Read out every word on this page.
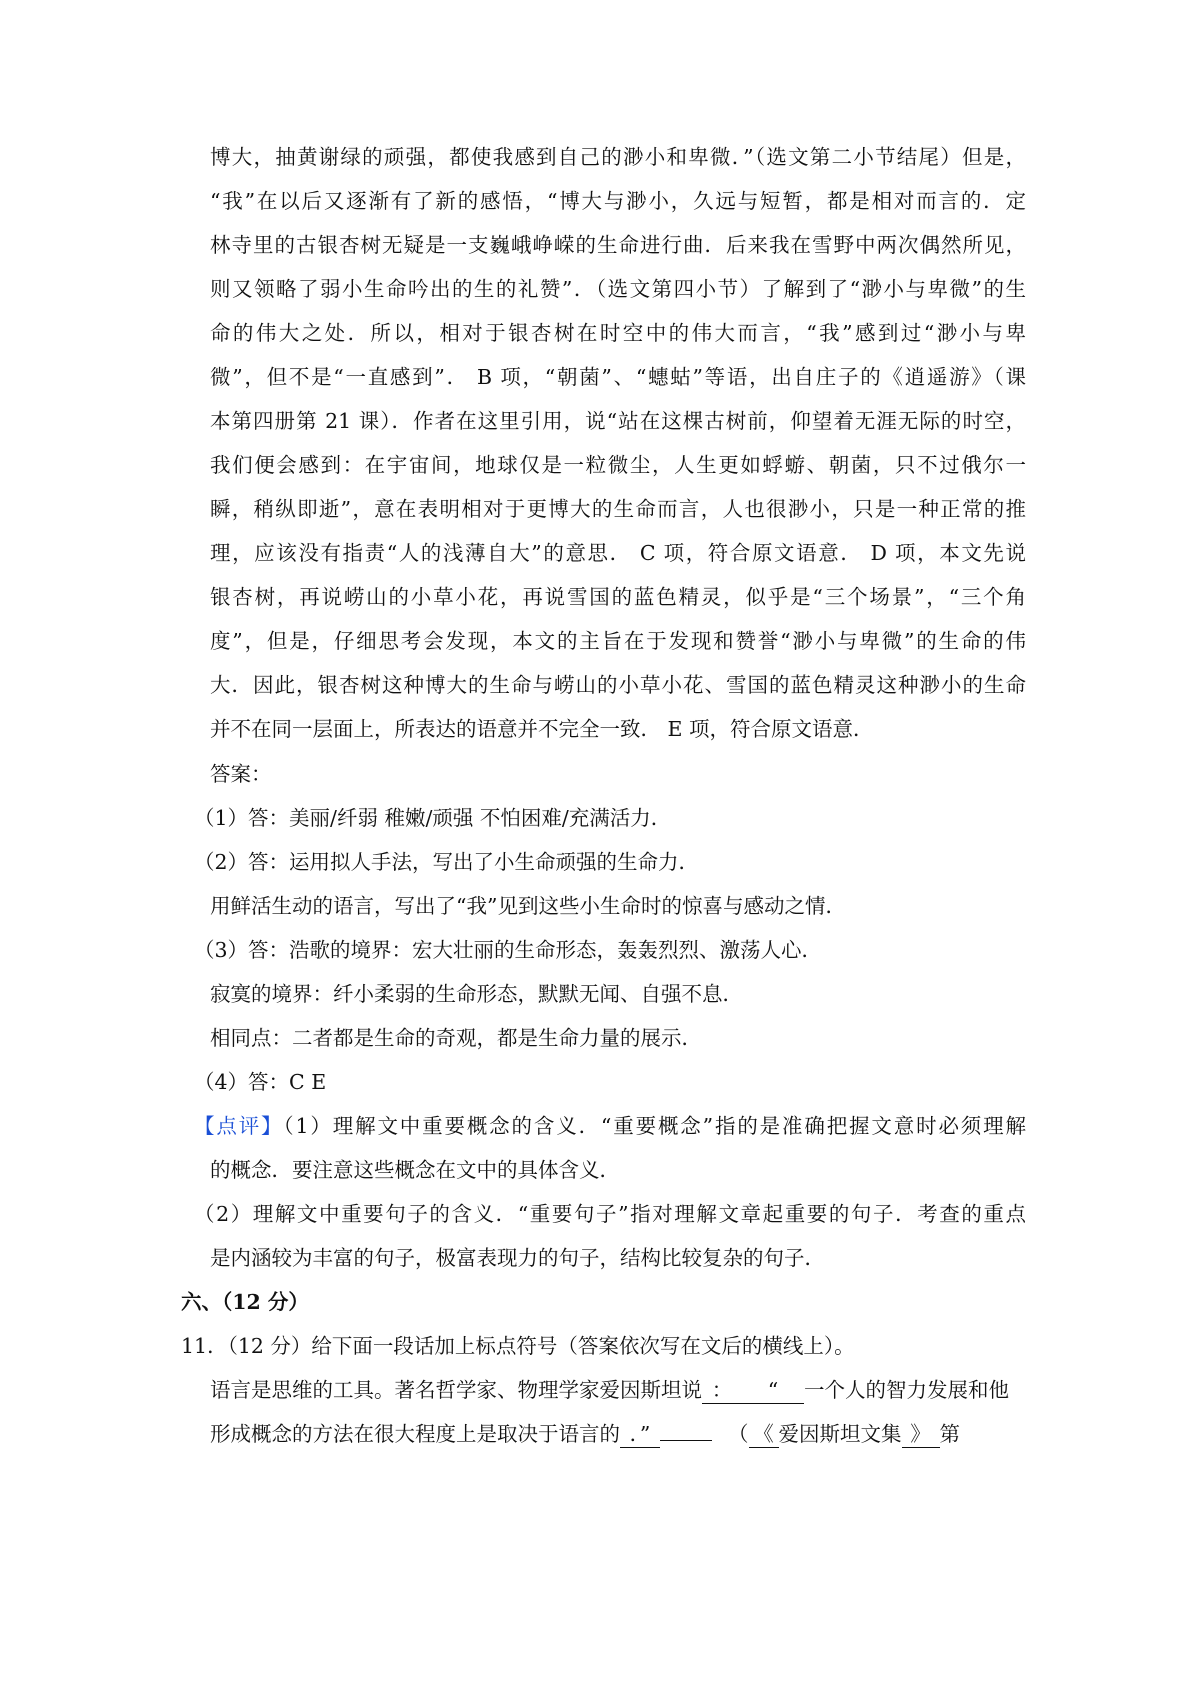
博大，抽黄谢绿的顽强，都使我感到自己的渺小和卑微．”（选文第二小节结尾）但是，
“我”在以后又逐渐有了新的感悟，“博大与渺小，久远与短暂，都是相对而言的．定
林寺里的古银杏树无疑是一支巍峨峥嵘的生命进行曲．后来我在雪野中两次偶然所见，
则又领略了弱小生命吟出的生的礼赞”．（选文第四小节）了解到了“渺小与卑微”的生
命的伟大之处．所以，相对于银杏树在时空中的伟大而言，“我”感到过“渺小与卑
微”，但不是“一直感到”． B 项，“朝菌”、“蟪蛄”等语，出自庄子的《逍遥游》（课
本第四册第 21 课）．作者在这里引用，说“站在这棵古树前，仰望着无涯无际的时空，
我们便会感到：在宇宙间，地球仅是一粒微尘，人生更如蜉蝣、朝菌，只不过俄尔一
瞬，稍纵即逝”，意在表明相对于更博大的生命而言，人也很渺小，只是一种正常的推
理，应该没有指责“人的浅薄自大”的意思． C 项，符合原文语意． D 项，本文先说
银杏树，再说崂山的小草小花，再说雪国的蓝色精灵，似乎是“三个场景”，“三个角
度”，但是，仔细思考会发现，本文的主旨在于发现和赞誉“渺小与卑微”的生命的伟
大．因此，银杏树这种博大的生命与崂山的小草小花、雪国的蓝色精灵这种渺小的生命
并不在同一层面上，所表达的语意并不完全一致． E 项，符合原文语意．
答案：
（1）答：美丽/纤弱 稚嫩/顽强 不怕困难/充满活力．
（2）答：运用拟人手法，写出了小生命顽强的生命力．
用鲜活生动的语言，写出了“我”见到这些小生命时的惊喜与感动之情．
（3）答：浩歌的境界：宏大壮丽的生命形态，轰轰烈烈、激荡人心．
寂寞的境界：纤小柔弱的生命形态，默默无闻、自强不息．
相同点：二者都是生命的奇观，都是生命力量的展示．
（4）答：C E
【点评】（1）理解文中重要概念的含义．“重要概念”指的是准确把握文意时必须理解
的概念．要注意这些概念在文中的具体含义．
（2）理解文中重要句子的含义．“重要句子”指对理解文章起重要的句子．考查的重点
是内涵较为丰富的句子，极富表现力的句子，结构比较复杂的句子．
六、（12 分）
11．（12 分）给下面一段话加上标点符号（答案依次写在文后的横线上）。
语言是思维的工具。著名哲学家、物理学家爱因斯坦说 ： “ 一个人的智力发展和他
形成概念的方法在很大程度上是取决于语言的 ．”	（ 《 爱因斯坦文集 》 第
